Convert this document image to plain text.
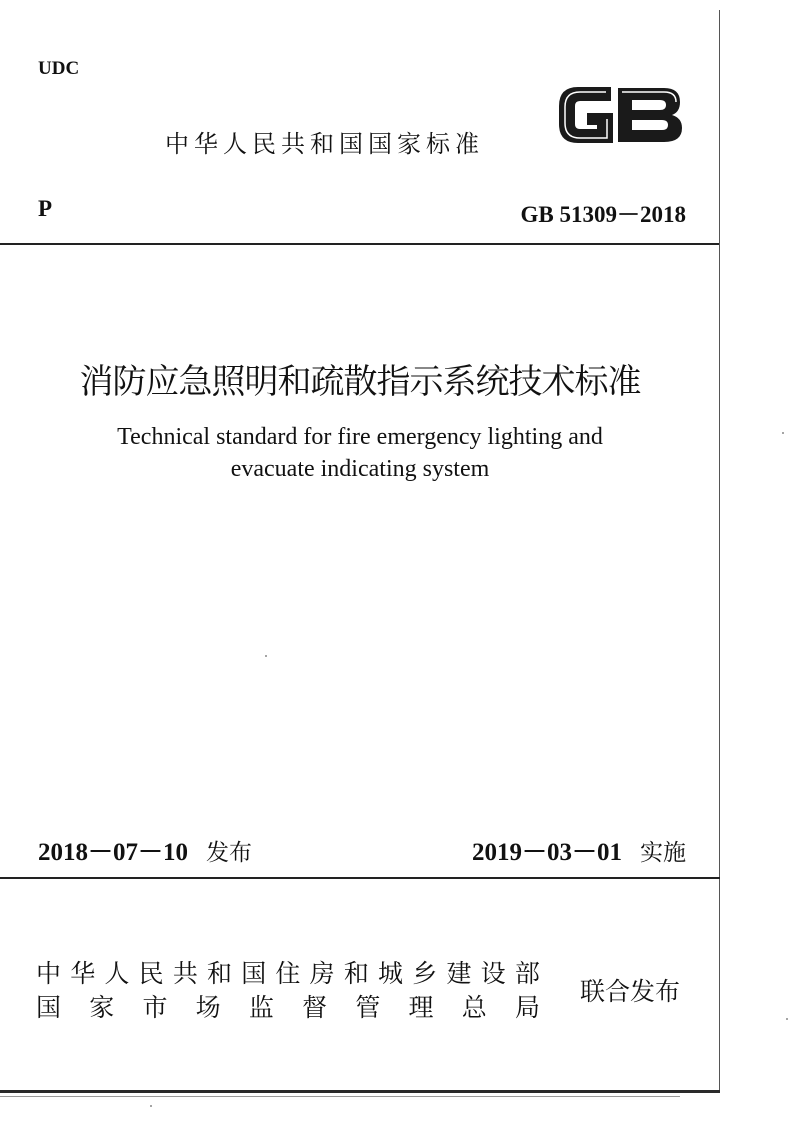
UDC
中华人民共和国国家标准
P	GB 51309－2018
消防应急照明和疏散指示系统技术标准
Technical standard for fire emergency lighting and
evacuate indicating system
2018－07－10 发布	2019－03－01 实施
中 华 人 民 共 和 国 住 房 和 城 乡 建 设 部
国 家 市 场 监 督 管 理 总 局
联合发布
